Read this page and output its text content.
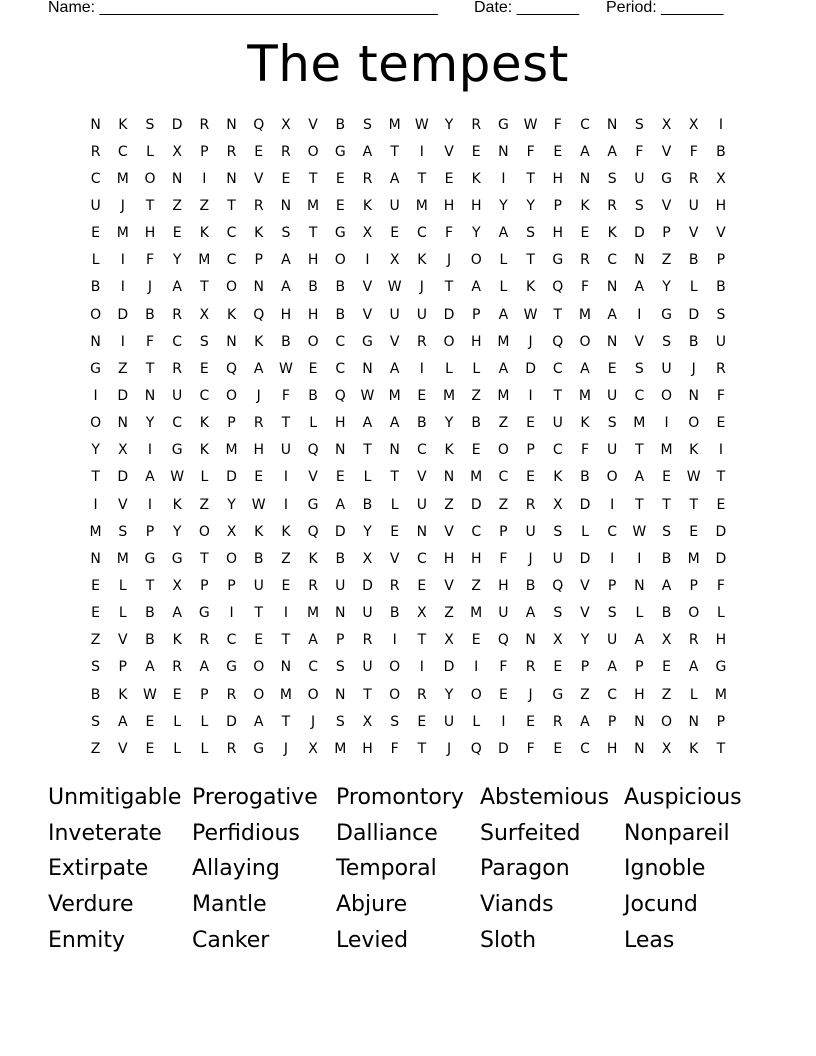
Name: ______________________________________ Date: _______ Period: _______
The tempest
N	K	S	D	R	N	Q	X	V	B	S	M	W	Y	R	G	W	F	C	N	S	X	X	I
R	C	L	X	P	R	E	R	O	G	A	T	I	V	E	N	F	E	A	A	F	V	F	B
C	M	O	N	I	N	V	E	T	E	R	A	T	E	K	I	T	H	N	S	U	G	R	X
U	J	T	Z	Z	T	R	N	M	E	K	U	M	H	H	Y	Y	P	K	R	S	V	U	H
E	M	H	E	K	C	K	S	T	G	X	E	C	F	Y	A	S	H	E	K	D	P	V	V
L	I	F	Y	M	C	P	A	H	O	I	X	K	J	O	L	T	G	R	C	N	Z	B	P
B	I	J	A	T	O	N	A	B	B	V	W	J	T	A	L	K	Q	F	N	A	Y	L	B
O	D	B	R	X	K	Q	H	H	B	V	U	U	D	P	A	W	T	M	A	I	G	D	S
N	I	F	C	S	N	K	B	O	C	G	V	R	O	H	M	J	Q	O	N	V	S	B	U
G	Z	T	R	E	Q	A	W	E	C	N	A	I	L	L	A	D	C	A	E	S	U	J	R
I	D	N	U	C	O	J	F	B	Q	W	M	E	M	Z	M	I	T	M	U	C	O	N	F
O	N	Y	C	K	P	R	T	L	H	A	A	B	Y	B	Z	E	U	K	S	M	I	O	E
Y	X	I	G	K	M	H	U	Q	N	T	N	C	K	E	O	P	C	F	U	T	M	K	I
T	D	A	W	L	D	E	I	V	E	L	T	V	N	M	C	E	K	B	O	A	E	W	T
I	V	I	K	Z	Y	W	I	G	A	B	L	U	Z	D	Z	R	X	D	I	T	T	T	E
M	S	P	Y	O	X	K	K	Q	D	Y	E	N	V	C	P	U	S	L	C	W	S	E	D
N	M	G	G	T	O	B	Z	K	B	X	V	C	H	H	F	J	U	D	I	I	B	M	D
E	L	T	X	P	P	U	E	R	U	D	R	E	V	Z	H	B	Q	V	P	N	A	P	F
E	L	B	A	G	I	T	I	M	N	U	B	X	Z	M	U	A	S	V	S	L	B	O	L
Z	V	B	K	R	C	E	T	A	P	R	I	T	X	E	Q	N	X	Y	U	A	X	R	H
S	P	A	R	A	G	O	N	C	S	U	O	I	D	I	F	R	E	P	A	P	E	A	G
B	K	W	E	P	R	O	M	O	N	T	O	R	Y	O	E	J	G	Z	C	H	Z	L	M
S	A	E	L	L	D	A	T	J	S	X	S	E	U	L	I	E	R	A	P	N	O	N	P
Z	V	E	L	L	R	G	J	X	M	H	F	T	J	Q	D	F	E	C	H	N	X	K	T
Unmitigable Prerogative Promontory Abstemious Auspicious
Inveterate	Perfidious	Dalliance	Surfeited	Nonpareil
Extirpate	Allaying	Temporal	Paragon	Ignoble
Verdure	Mantle	Abjure	Viands	Jocund
Enmity	Canker	Levied	Sloth	Leas
